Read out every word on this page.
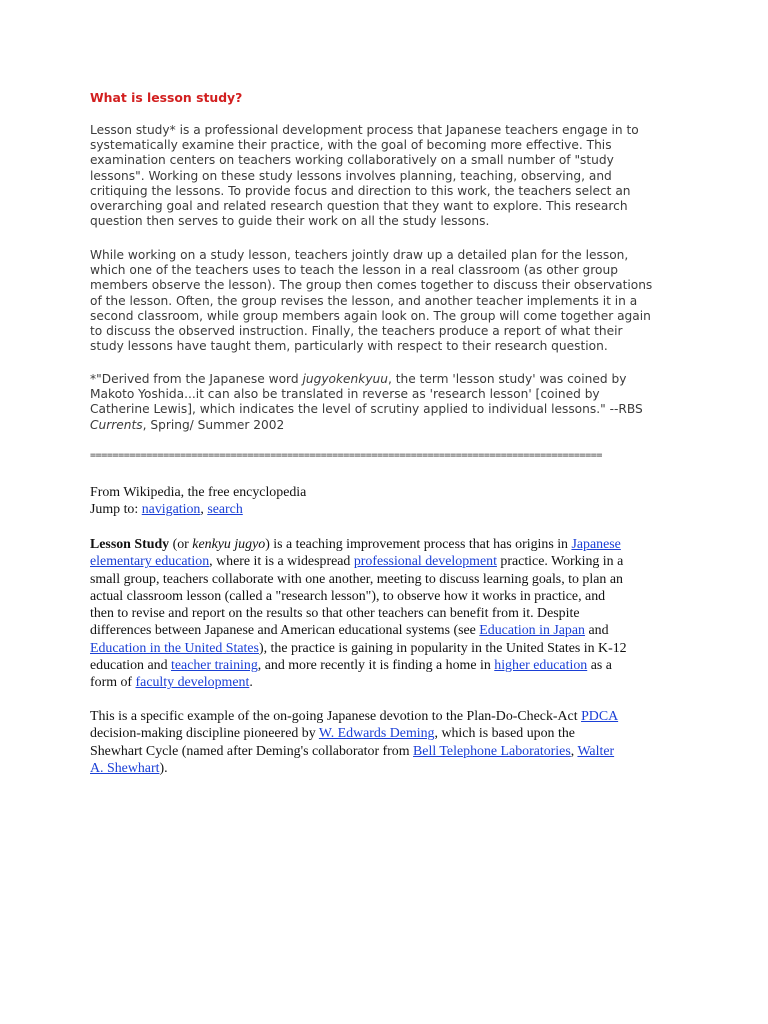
What is lesson study?

Lesson study* is a professional development process that Japanese teachers engage in to
systematically examine their practice, with the goal of becoming more effective. This
examination centers on teachers working collaboratively on a small number of "study
lessons". Working on these study lessons involves planning, teaching, observing, and
critiquing the lessons. To provide focus and direction to this work, the teachers select an
overarching goal and related research question that they want to explore. This research
question then serves to guide their work on all the study lessons.

While working on a study lesson, teachers jointly draw up a detailed plan for the lesson,
which one of the teachers uses to teach the lesson in a real classroom (as other group
members observe the lesson). The group then comes together to discuss their observations
of the lesson. Often, the group revises the lesson, and another teacher implements it in a
second classroom, while group members again look on. The group will come together again
to discuss the observed instruction. Finally, the teachers produce a report of what their
study lessons have taught them, particularly with respect to their research question.

*"Derived from the Japanese word jugyokenkyuu, the term 'lesson study' was coined by
Makoto Yoshida...it can also be translated in reverse as 'research lesson' [coined by
Catherine Lewis], which indicates the level of scrutiny applied to individual lessons." --RBS
Currents, Spring/ Summer 2002

===========================================================================================

From Wikipedia, the free encyclopedia
Jump to: navigation, search

Lesson Study (or kenkyu jugyo) is a teaching improvement process that has origins in Japanese
elementary education, where it is a widespread professional development practice. Working in a
small group, teachers collaborate with one another, meeting to discuss learning goals, to plan an
actual classroom lesson (called a "research lesson"), to observe how it works in practice, and
then to revise and report on the results so that other teachers can benefit from it. Despite
differences between Japanese and American educational systems (see Education in Japan and
Education in the United States), the practice is gaining in popularity in the United States in K-12
education and teacher training, and more recently it is finding a home in higher education as a
form of faculty development.

This is a specific example of the on-going Japanese devotion to the Plan-Do-Check-Act PDCA
decision-making discipline pioneered by W. Edwards Deming, which is based upon the
Shewhart Cycle (named after Deming's collaborator from Bell Telephone Laboratories, Walter
A. Shewhart).
